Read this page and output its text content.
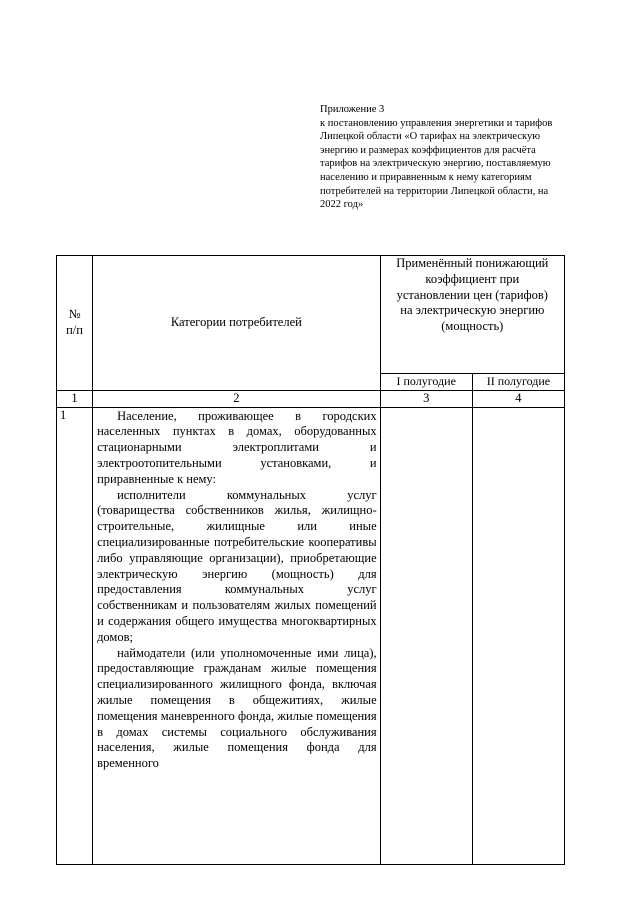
Приложение 3
к постановлению управления энергетики и тарифов
Липецкой области «О тарифах на электрическую
энергию и размерах коэффициентов для расчёта
тарифов на электрическую энергию, поставляемую
населению и приравненным к нему категориям
потребителей на территории Липецкой области, на
2022 год»
№ п/п	Категории потребителей	Применённый понижающий коэффициент при установлении цен (тарифов) на электрическую энергию (мощность)	
		I полугодие	II полугодие
1	2	3	4
1	Население, проживающее в городских населенных пунктах в домах, оборудованных стационарными электроплитами и электроотопительными установками, и приравненные к нему:

исполнители коммунальных услуг (товарищества собственников жилья, жилищно-строительные, жилищные или иные специализированные потребительские кооперативы либо управляющие организации), приобретающие электрическую энергию (мощность) для предоставления коммунальных услуг собственникам и пользователям жилых помещений и содержания общего имущества многоквартирных домов;

наймодатели (или уполномоченные ими лица), предоставляющие гражданам жилые помещения специализированного жилищного фонда, включая жилые помещения в общежитиях, жилые помещения маневренного фонда, жилые помещения в домах системы социального обслуживания населения, жилые помещения фонда для временного		
